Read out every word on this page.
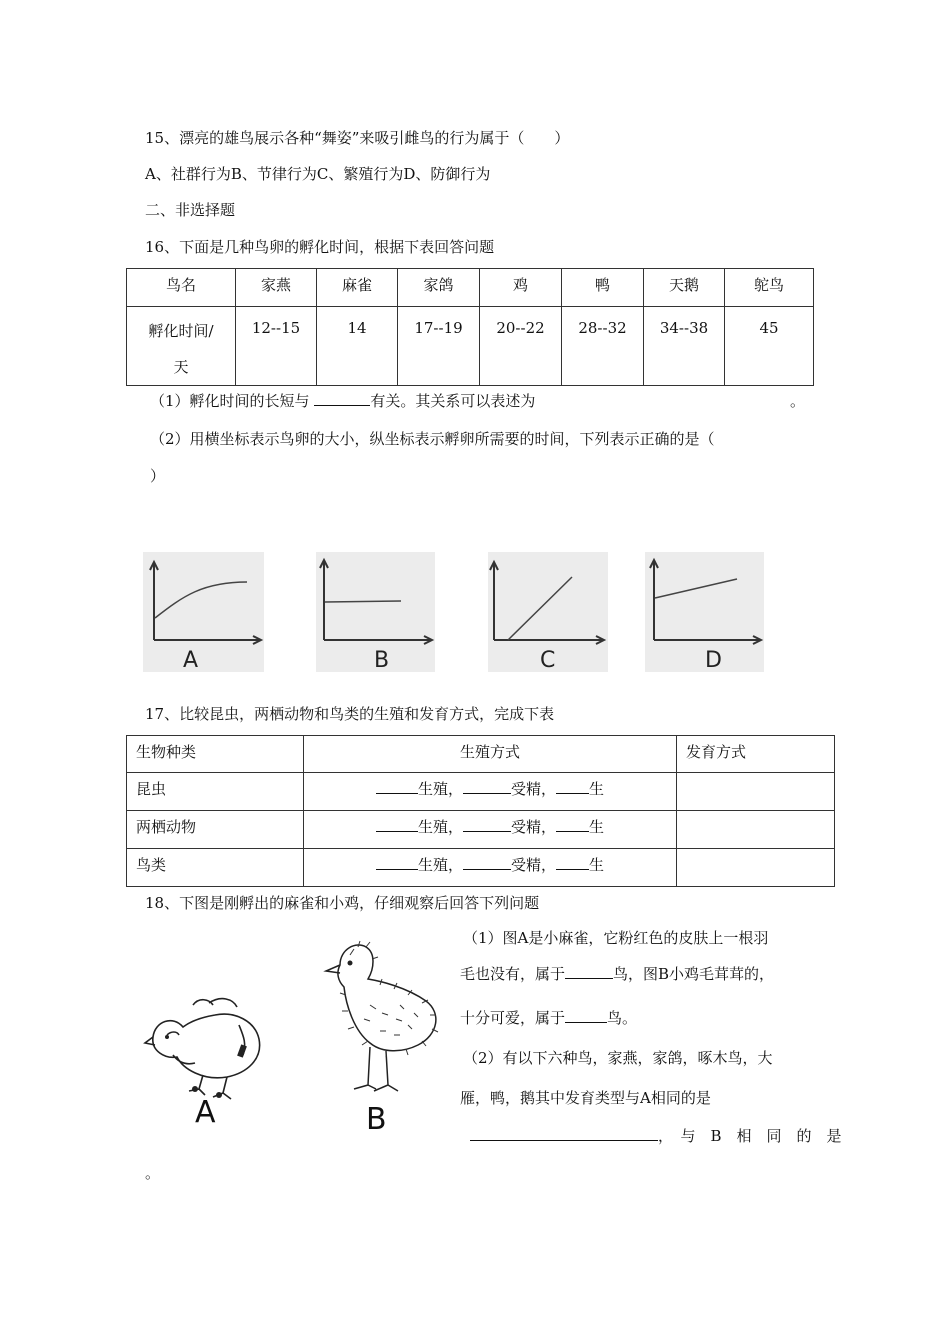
15、漂亮的雄鸟展示各种“舞姿”来吸引雌鸟的行为属于（　　）
A、社群行为B、节律行为C、繁殖行为D、防御行为
二、非选择题
16、下面是几种鸟卵的孵化时间，根据下表回答问题
鸟名	家燕	麻雀	家鸽	鸡	鸭	天鹅	鸵鸟
孵化时间/
天	12--15	14	17--19	20--22	28--32	34--38	45
（1）孵化时间的长短与	有关。其关系可以表述为	。
（2）用横坐标表示鸟卵的大小，纵坐标表示孵卵所需要的时间，下列表示正确的是（
）
A	B	C	D
17、比较昆虫，两栖动物和鸟类的生殖和发育方式，完成下表
生物种类	生殖方式	发育方式
昆虫	生殖， 受精， 生	
两栖动物	生殖， 受精， 生	
鸟类	生殖， 受精， 生	
18、下图是刚孵出的麻雀和小鸡，仔细观察后回答下列问题
A	B
（1）图A是小麻雀，它粉红色的皮肤上一根羽
毛也没有，属于	鸟，图B小鸡毛茸茸的，
十分可爱，属于	鸟。
（2）有以下六种鸟，家燕，家鸽，啄木鸟，大
雁，鸭，鹅其中发育类型与A相同的是
，　与　B　相　同　的　是
。
